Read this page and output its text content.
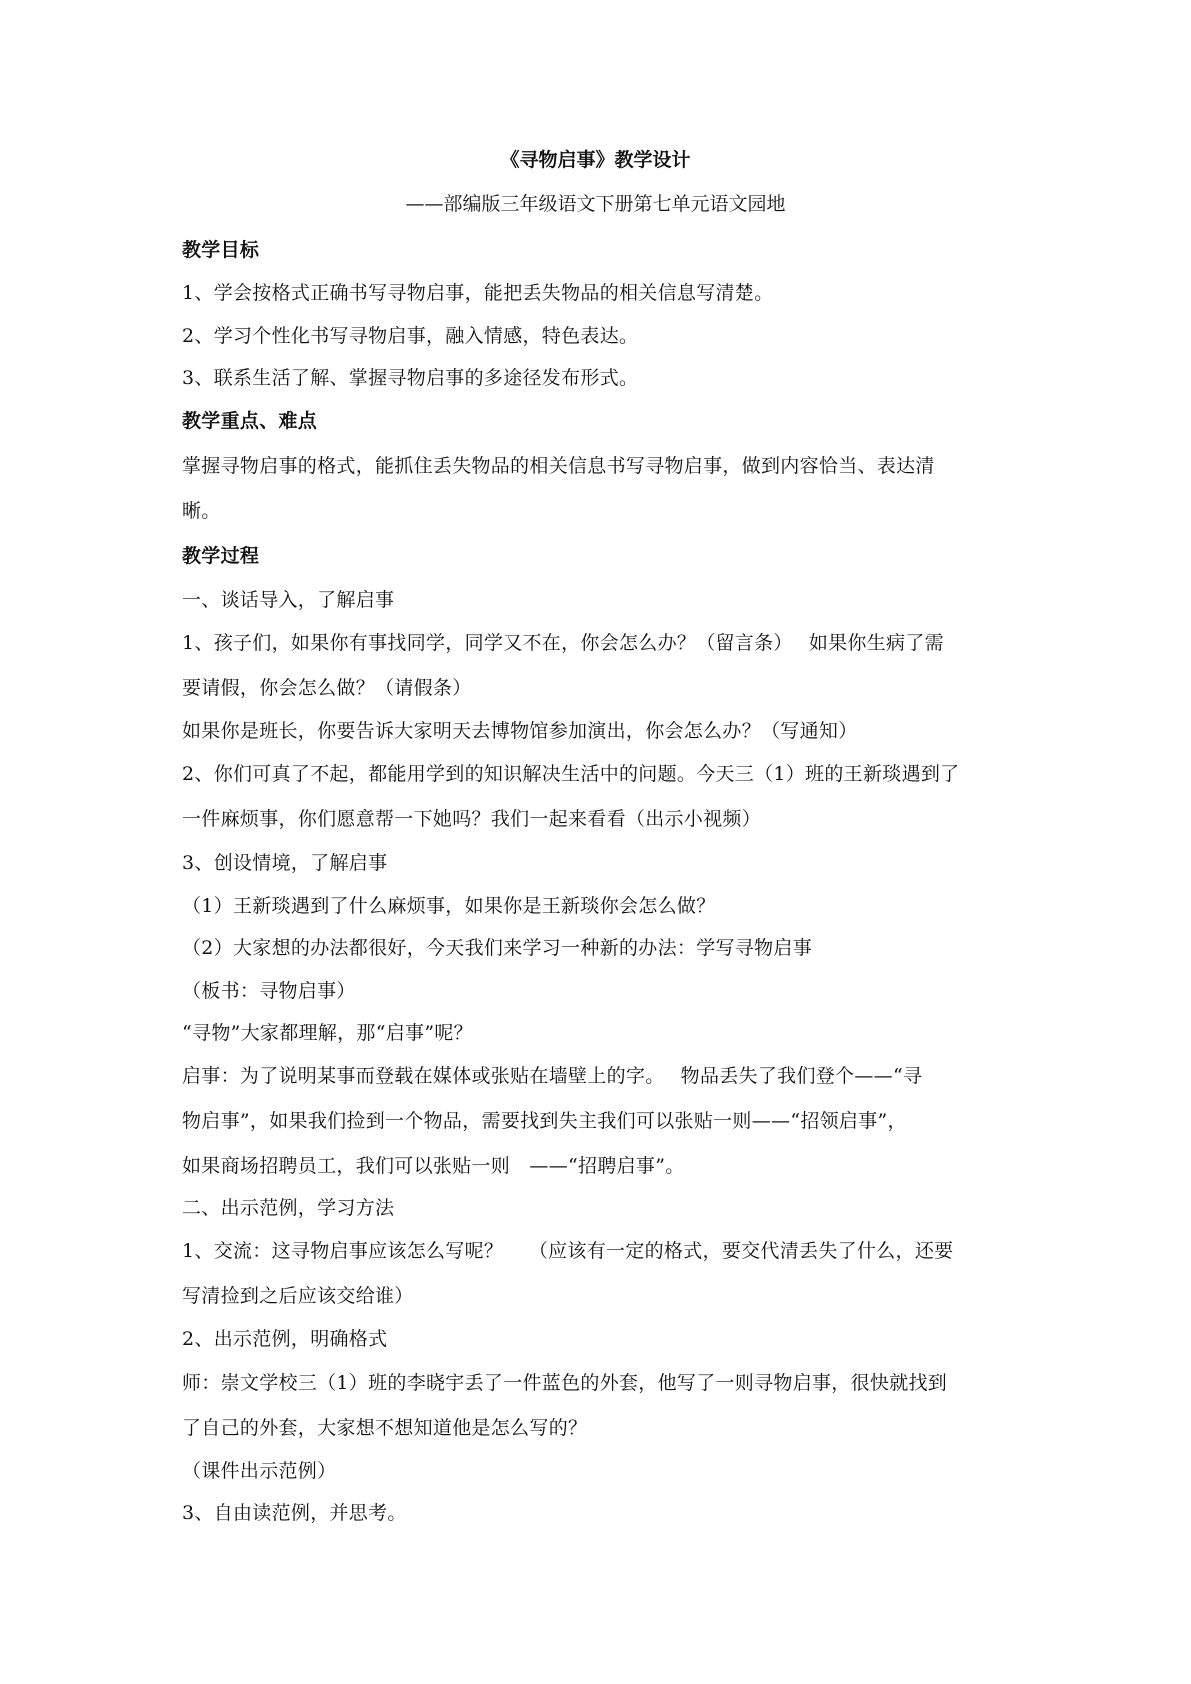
《寻物启事》教学设计
——部编版三年级语文下册第七单元语文园地
教学目标
1、学会按格式正确书写寻物启事，能把丢失物品的相关信息写清楚。
2、学习个性化书写寻物启事，融入情感，特色表达。
3、联系生活了解、掌握寻物启事的多途径发布形式。
教学重点、难点
掌握寻物启事的格式，能抓住丢失物品的相关信息书写寻物启事，做到内容恰当、表达清
晰。
教学过程
一、谈话导入，了解启事
1、孩子们，如果你有事找同学，同学又不在，你会怎么办？（留言条）　 如果你生病了需
要请假，你会怎么做？（请假条）
如果你是班长，你要告诉大家明天去博物馆参加演出，你会怎么办？（写通知）
2、你们可真了不起，都能用学到的知识解决生活中的问题。今天三（1）班的王新琰遇到了
一件麻烦事，你们愿意帮一下她吗？我们一起来看看（出示小视频）
3、创设情境，了解启事
（1）王新琰遇到了什么麻烦事，如果你是王新琰你会怎么做？
（2）大家想的办法都很好，今天我们来学习一种新的办法：学写寻物启事
（板书：寻物启事）
“寻物”大家都理解，那“启事”呢？
启事：为了说明某事而登载在媒体或张贴在墙壁上的字。　 物品丢失了我们登个——“寻
物启事”，如果我们捡到一个物品，需要找到失主我们可以张贴一则——“招领启事”，
如果商场招聘员工，我们可以张贴一则　——“招聘启事”。
二、出示范例，学习方法
1、交流：这寻物启事应该怎么写呢？　 （应该有一定的格式，要交代清丢失了什么，还要
写清捡到之后应该交给谁）
2、出示范例，明确格式
师：崇文学校三（1）班的李晓宇丢了一件蓝色的外套，他写了一则寻物启事，很快就找到
了自己的外套，大家想不想知道他是怎么写的？
（课件出示范例）
3、自由读范例，并思考。
